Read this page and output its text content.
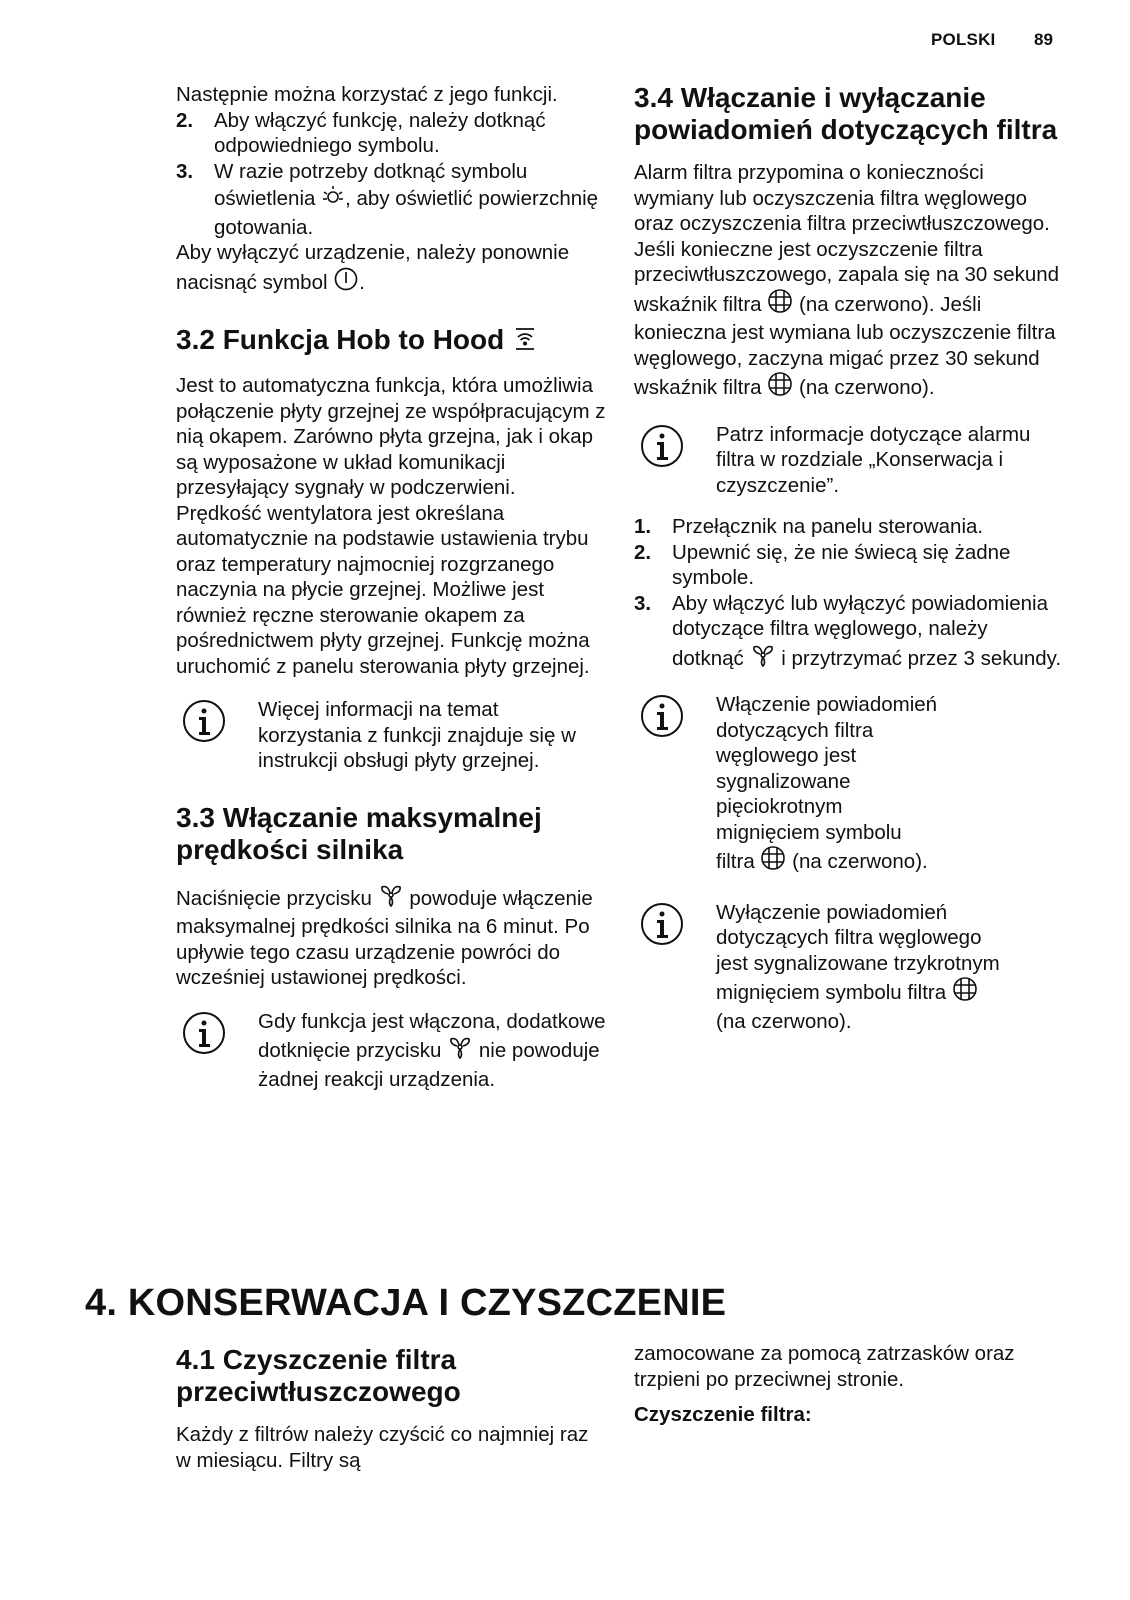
POLSKI 89

Następnie można korzystać z jego funkcji.

2. Aby włączyć funkcję, należy dotknąć odpowiedniego symbolu.
3. W razie potrzeby dotknąć symbolu oświetlenia , aby oświetlić powierzchnię gotowania.

Aby wyłączyć urządzenie, należy ponownie nacisnąć symbol .

3.2 Funkcja Hob to Hood

Jest to automatyczna funkcja, która umożliwia połączenie płyty grzejnej ze współpracującym z nią okapem. Zarówno płyta grzejna, jak i okap są wyposażone w układ komunikacji przesyłający sygnały w podczerwieni. Prędkość wentylatora jest określana automatycznie na podstawie ustawienia trybu oraz temperatury najmocniej rozgrzanego naczynia na płycie grzejnej. Możliwe jest również ręczne sterowanie okapem za pośrednictwem płyty grzejnej. Funkcję można uruchomić z panelu sterowania płyty grzejnej.

Więcej informacji na temat korzystania z funkcji znajduje się w instrukcji obsługi płyty grzejnej.

3.3 Włączanie maksymalnej prędkości silnika

Naciśnięcie przycisku powoduje włączenie maksymalnej prędkości silnika na 6 minut. Po upływie tego czasu urządzenie powróci do wcześniej ustawionej prędkości.

Gdy funkcja jest włączona, dodatkowe dotknięcie przycisku nie powoduje żadnej reakcji urządzenia.

3.4 Włączanie i wyłączanie powiadomień dotyczących filtra

Alarm filtra przypomina o konieczności wymiany lub oczyszczenia filtra węglowego oraz oczyszczenia filtra przeciwtłuszczowego. Jeśli konieczne jest oczyszczenie filtra przeciwtłuszczowego, zapala się na 30 sekund wskaźnik filtra (na czerwono). Jeśli konieczna jest wymiana lub oczyszczenie filtra węglowego, zaczyna migać przez 30 sekund wskaźnik filtra (na czerwono).

Patrz informacje dotyczące alarmu filtra w rozdziale „Konserwacja i czyszczenie”.

1. Przełącznik na panelu sterowania.
2. Upewnić się, że nie świecą się żadne symbole.
3. Aby włączyć lub wyłączyć powiadomienia dotyczące filtra węglowego, należy dotknąć i przytrzymać przez 3 sekundy.

Włączenie powiadomień dotyczących filtra węglowego jest sygnalizowane pięciokrotnym mignięciem symbolu filtra (na czerwono).

Wyłączenie powiadomień dotyczących filtra węglowego jest sygnalizowane trzykrotnym mignięciem symbolu filtra  (na czerwono).

4. KONSERWACJA I CZYSZCZENIE
4.1 Czyszczenie filtra przeciwtłuszczowego

Każdy z filtrów należy czyścić co najmniej raz w miesiącu. Filtry są

zamocowane za pomocą zatrzasków oraz trzpieni po przeciwnej stronie.

Czyszczenie filtra:
